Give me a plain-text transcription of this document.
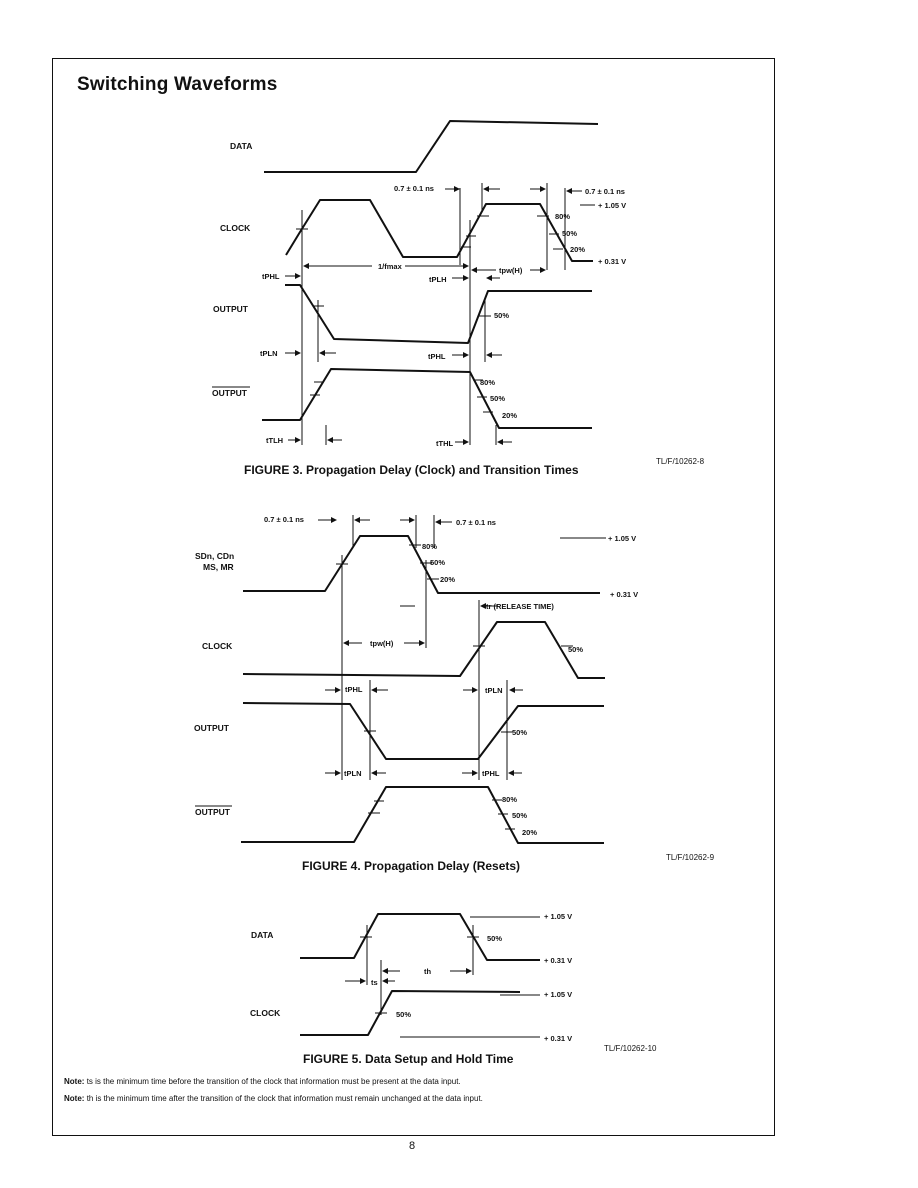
Switching Waveforms
DATA
CLOCK
OUTPUT
OUTPUT
0.7 ± 0.1 ns	0.7 ± 0.1 ns
+ 1.05 V
80%
50%
20%
+ 0.31 V
1/fmax	tpw(H)
tPHL	tPLH
50%
tPLN	tPHL
80%
50%
20%
tTLH	tTHL
FIGURE 3. Propagation Delay (Clock) and Transition Times
TL/F/10262-8
0.7 ± 0.1 ns	0.7 ± 0.1 ns
SDn, CDn
MS, MR
+ 1.05 V
+ 0.31 V
80%
50%
20%
tr (RELEASE TIME)
CLOCK	50%
tpw(H)
tPHL	tPLN
OUTPUT	50%
tPLN	tPHL
OUTPUT
80%
50%
20%
FIGURE 4. Propagation Delay (Resets)
TL/F/10262-9
DATA
+ 1.05 V
50%
+ 0.31 V
th
ts
CLOCK
+ 1.05 V
50%
+ 0.31 V
FIGURE 5. Data Setup and Hold Time
TL/F/10262-10
Note: ts is the minimum time before the transition of the clock that information must be present at the data input.
Note: th is the minimum time after the transition of the clock that information must remain unchanged at the data input.
8
